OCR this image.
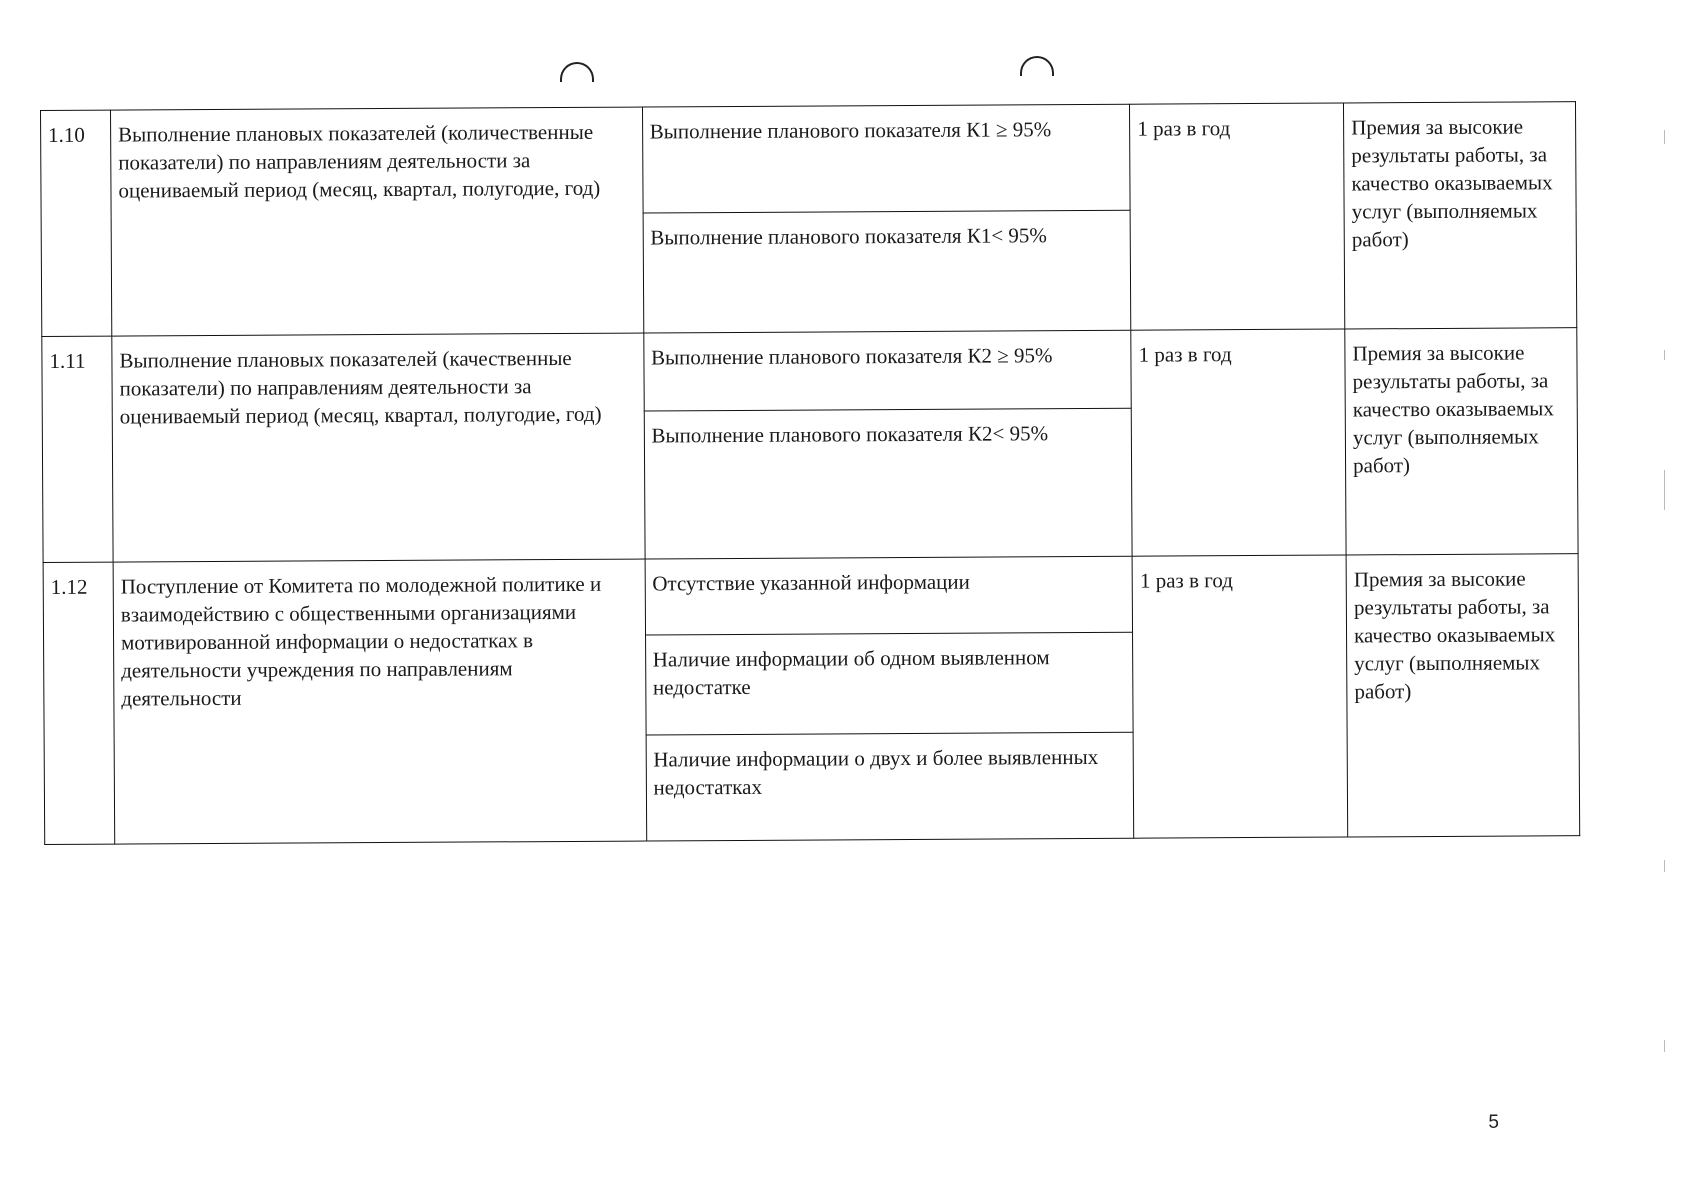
1.10	Выполнение плановых показателей (количественные показатели) по направлениям деятельности за оцениваемый период (месяц, квартал, полугодие, год)	Выполнение планового показателя К1 ≥ 95%	1 раз в год	Премия за высокие результаты работы, за качество оказываемых услуг (выполняемых работ)
		Выполнение планового показателя К1< 95%		
1.11	Выполнение плановых показателей (качественные показатели) по направлениям деятельности за оцениваемый период (месяц, квартал, полугодие, год)	Выполнение планового показателя К2 ≥ 95%	1 раз в год	Премия за высокие результаты работы, за качество оказываемых услуг (выполняемых работ)
		Выполнение планового показателя К2< 95%		
1.12	Поступление от Комитета по молодежной политике и взаимодействию с общественными организациями мотивированной информации о недостатках в деятельности учреждения по направлениям деятельности	Отсутствие указанной информации	1 раз в год	Премия за высокие результаты работы, за качество оказываемых услуг (выполняемых работ)
		Наличие информации об одном выявленном недостатке		
		Наличие информации о двух и более выявленных недостатках		
5
